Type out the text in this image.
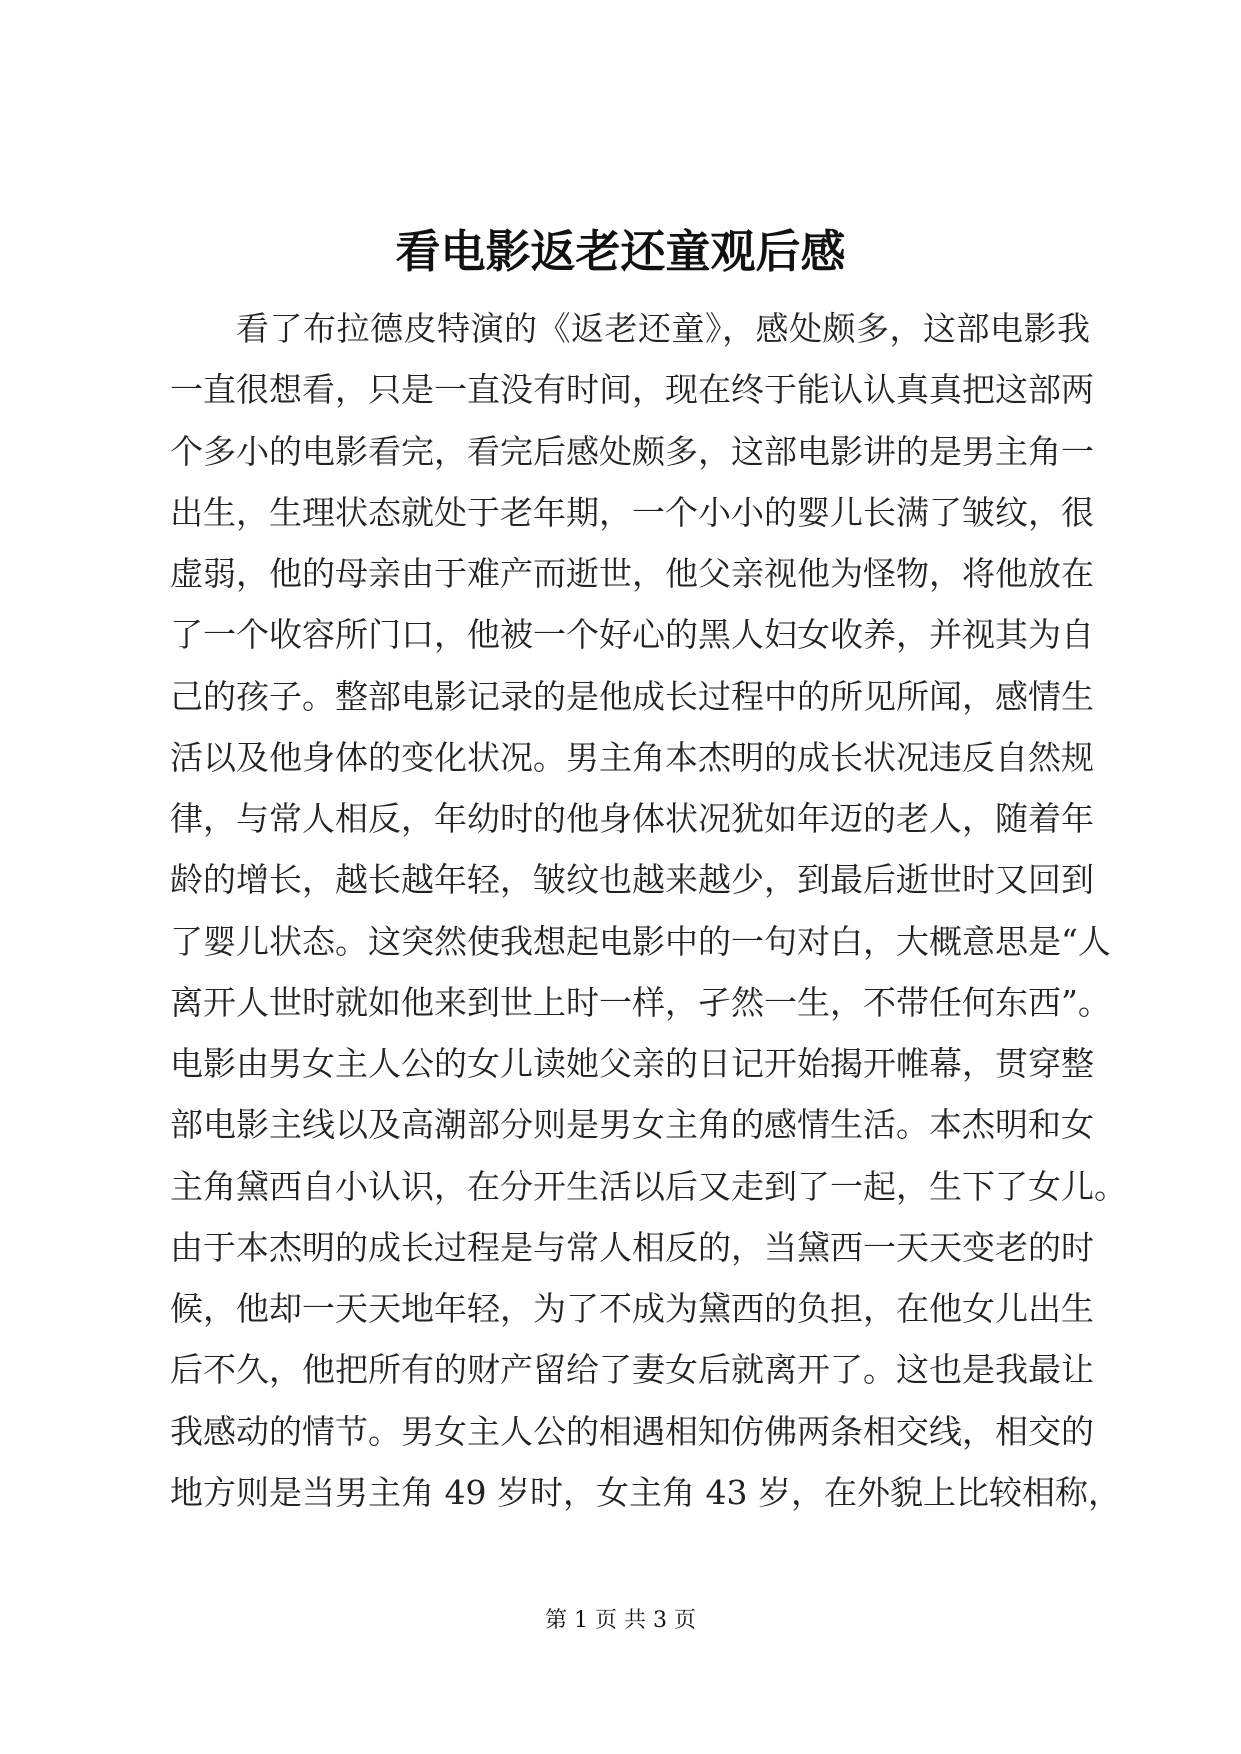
看电影返老还童观后感
看了布拉德皮特演的《返老还童》，感处颇多，这部电影我
一直很想看，只是一直没有时间，现在终于能认认真真把这部两
个多小的电影看完，看完后感处颇多，这部电影讲的是男主角一
出生，生理状态就处于老年期，一个小小的婴儿长满了皱纹，很
虚弱，他的母亲由于难产而逝世，他父亲视他为怪物，将他放在
了一个收容所门口，他被一个好心的黑人妇女收养，并视其为自
己的孩子。整部电影记录的是他成长过程中的所见所闻，感情生
活以及他身体的变化状况。男主角本杰明的成长状况违反自然规
律，与常人相反，年幼时的他身体状况犹如年迈的老人，随着年
龄的增长，越长越年轻，皱纹也越来越少，到最后逝世时又回到
了婴儿状态。这突然使我想起电影中的一句对白，大概意思是“人
离开人世时就如他来到世上时一样，孑然一生，不带任何东西”。
电影由男女主人公的女儿读她父亲的日记开始揭开帷幕，贯穿整
部电影主线以及高潮部分则是男女主角的感情生活。本杰明和女
主角黛西自小认识，在分开生活以后又走到了一起，生下了女儿。
由于本杰明的成长过程是与常人相反的，当黛西一天天变老的时
候，他却一天天地年轻，为了不成为黛西的负担，在他女儿出生
后不久，他把所有的财产留给了妻女后就离开了。这也是我最让
我感动的情节。男女主人公的相遇相知仿佛两条相交线，相交的
地方则是当男主角 49 岁时，女主角 43 岁，在外貌上比较相称，
第 1 页 共 3 页
